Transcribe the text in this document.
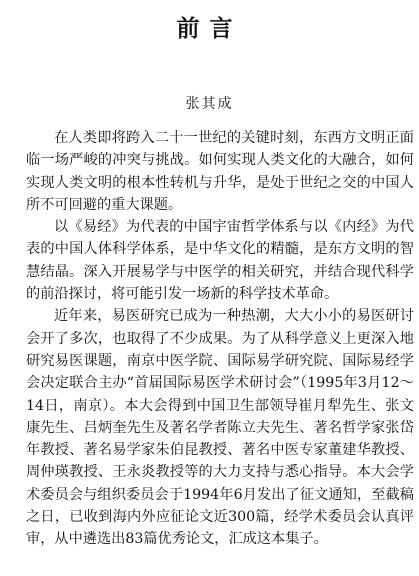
前言
张其成

在人类即将跨入二十一世纪的关键时刻，东西方文明正面临一场严峻的冲突与挑战。如何实现人类文化的大融合，如何实现人类文明的根本性转机与升华，是处于世纪之交的中国人所不可回避的重大课题。

以《易经》为代表的中国宇宙哲学体系与以《内经》为代表的中国人体科学体系，是中华文化的精髓，是东方文明的智慧结晶。深入开展易学与中医学的相关研究，并结合现代科学的前沿探讨，将可能引发一场新的科学技术革命。

近年来，易医研究已成为一种热潮，大大小小的易医研讨会开了多次，也取得了不少成果。为了从科学意义上更深入地研究易医课题，南京中医学院、国际易学研究院、国际易经学会决定联合主办“首届国际易医学术研讨会”（1995年3月12～14日，南京）。本大会得到中国卫生部领导崔月犁先生、张文康先生、吕炳奎先生及著名学者陈立夫先生、著名哲学家张岱年教授、著名易学家朱伯昆教授、著名中医专家董建华教授、周仲瑛教授、王永炎教授等的大力支持与悉心指导。本大会学术委员会与组织委员会于1994年6月发出了征文通知，至截稿之日，已收到海内外应征论文近300篇，经学术委员会认真评审，从中遴选出83篇优秀论文，汇成这本集子。
